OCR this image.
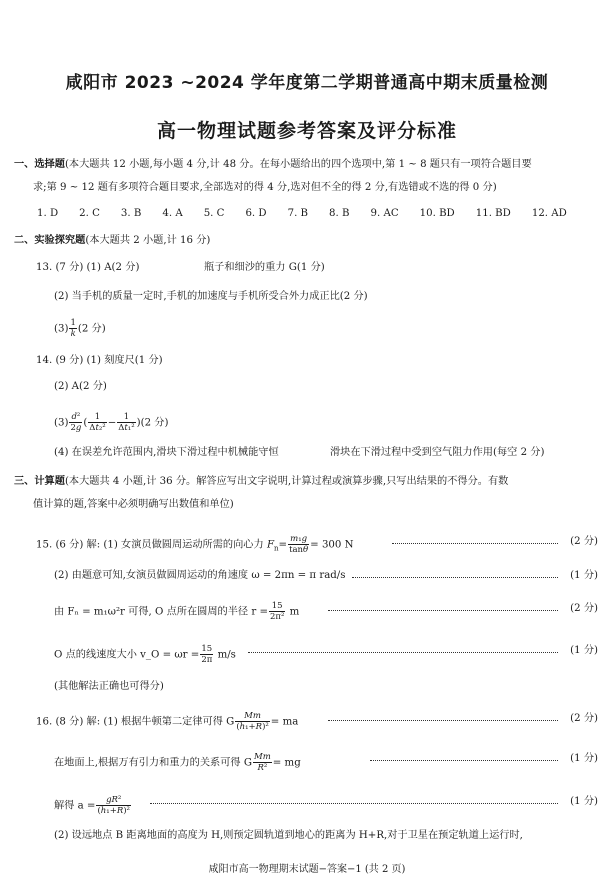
咸阳市 2023 ~2024 学年度第二学期普通高中期末质量检测
高一物理试题参考答案及评分标准
一、选择题(本大题共 12 小题,每小题 4 分,计 48 分。在每小题给出的四个选项中,第 1 ~ 8 题只有一项符合题目要
求;第 9 ~ 12 题有多项符合题目要求,全部选对的得 4 分,选对但不全的得 2 分,有选错或不选的得 0 分)
1. D 2. C 3. B 4. A 5. C 6. D 7. B 8. B 9. AC 10. BD 11. BD 12. AD
二、实验探究题(本大题共 2 小题,计 16 分)
13. (7 分) (1) A(2 分)	瓶子和细沙的重力 G(1 分)
(2) 当手机的质量一定时,手机的加速度与手机所受合外力成正比(2 分)
$(3) \frac{1}{k} (2$ 分)
14. (9 分) (1) 刻度尺(1 分)
(2) A(2 分)
$(3) \frac{\text{d²}}{2g}$ ( $\frac{1}{\text{Δt₂²}} - \frac{1}{\text{Δt₁²}} )(2$ 分)
(4) 在误差允许范围内,滑块下滑过程中机械能守恒	滑块在下滑过程中受到空气阻力作用(每空 2 分)
三、计算题(本大题共 4 小题,计 36 分。解答应写出文字说明,计算过程或演算步骤,只写出结果的不得分。有数
值计算的题,答案中必须明确写出数值和单位)
15. (6 分) 解: (1) 女演员做圆周运动所需的向心力 $F_n= \frac{\text{m₁g}}{\tan\theta} = 300$ N	(2 分)
(2) 由题意可知,女演员做圆周运动的角速度 ω = 2πn = π rad/s	(1 分)
由 Fₙ = m₁ω²r 可得, O 点所在圆周的半径 $r = \frac{15}{\text{2π²}}$ m	(2 分)
O 点的线速度大小 v_O = $\omega r = \frac{15}{2\pi} m/s$	(1 分)
(其他解法正确也可得分)
16. (8 分) 解: (1) 根据牛顿第二定律可得 G $\frac{Mm}{\text{(h₁+R)²}}$ = ma	(2 分)
在地面上,根据万有引力和重力的关系可得 G $\frac{Mm}{\text{R²}}$ = mg	(1 分)
解得 $a = \frac{\text{gR²}}{\text{(h₁+R)²}}$	(1 分)
(2) 设远地点 B 距离地面的高度为 H,则预定圆轨道到地心的距离为 H+R,对于卫星在预定轨道上运行时,
咸阳市高一物理期末试题−答案−1 (共 2 页)
